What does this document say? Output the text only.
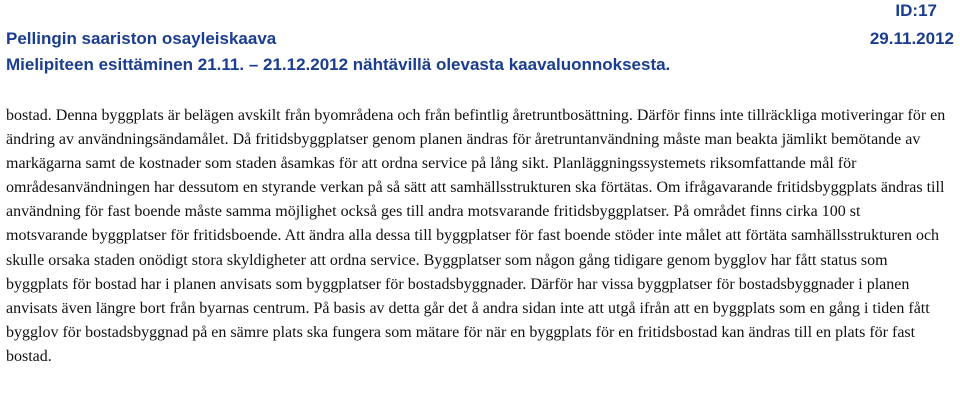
ID:17
Pellingin saariston osayleiskaava	29.11.2012
Mielipiteen esittäminen 21.11. – 21.12.2012 nähtävillä olevasta kaavaluonnoksesta.
bostad. Denna byggplats är belägen avskilt från byområdena och från befintlig åretruntbosättning. Därför finns inte tillräckliga motiveringar för en ändring av användningsändamålet. Då fritidsbyggplatser genom planen ändras för åretruntanvändning måste man beakta jämlikt bemötande av markägarna samt de kostnader som staden åsamkas för att ordna service på lång sikt. Planläggningssystemets riksomfattande mål för områdesanvändningen har dessutom en styrande verkan på så sätt att samhällsstrukturen ska förtätas. Om ifrågavarande fritidsbyggplats ändras till användning för fast boende måste samma möjlighet också ges till andra motsvarande fritidsbyggplatser. På området finns cirka 100 st motsvarande byggplatser för fritidsboende. Att ändra alla dessa till byggplatser för fast boende stöder inte målet att förtäta samhällsstrukturen och skulle orsaka staden onödigt stora skyldigheter att ordna service. Byggplatser som någon gång tidigare genom bygglov har fått status som byggplats för bostad har i planen anvisats som byggplatser för bostadsbyggnader. Därför har vissa byggplatser för bostadsbyggnader i planen anvisats även längre bort från byarnas centrum. På basis av detta går det å andra sidan inte att utgå ifrån att en byggplats som en gång i tiden fått bygglov för bostadsbyggnad på en sämre plats ska fungera som mätare för när en byggplats för en fritidsbostad kan ändras till en plats för fast bostad.
